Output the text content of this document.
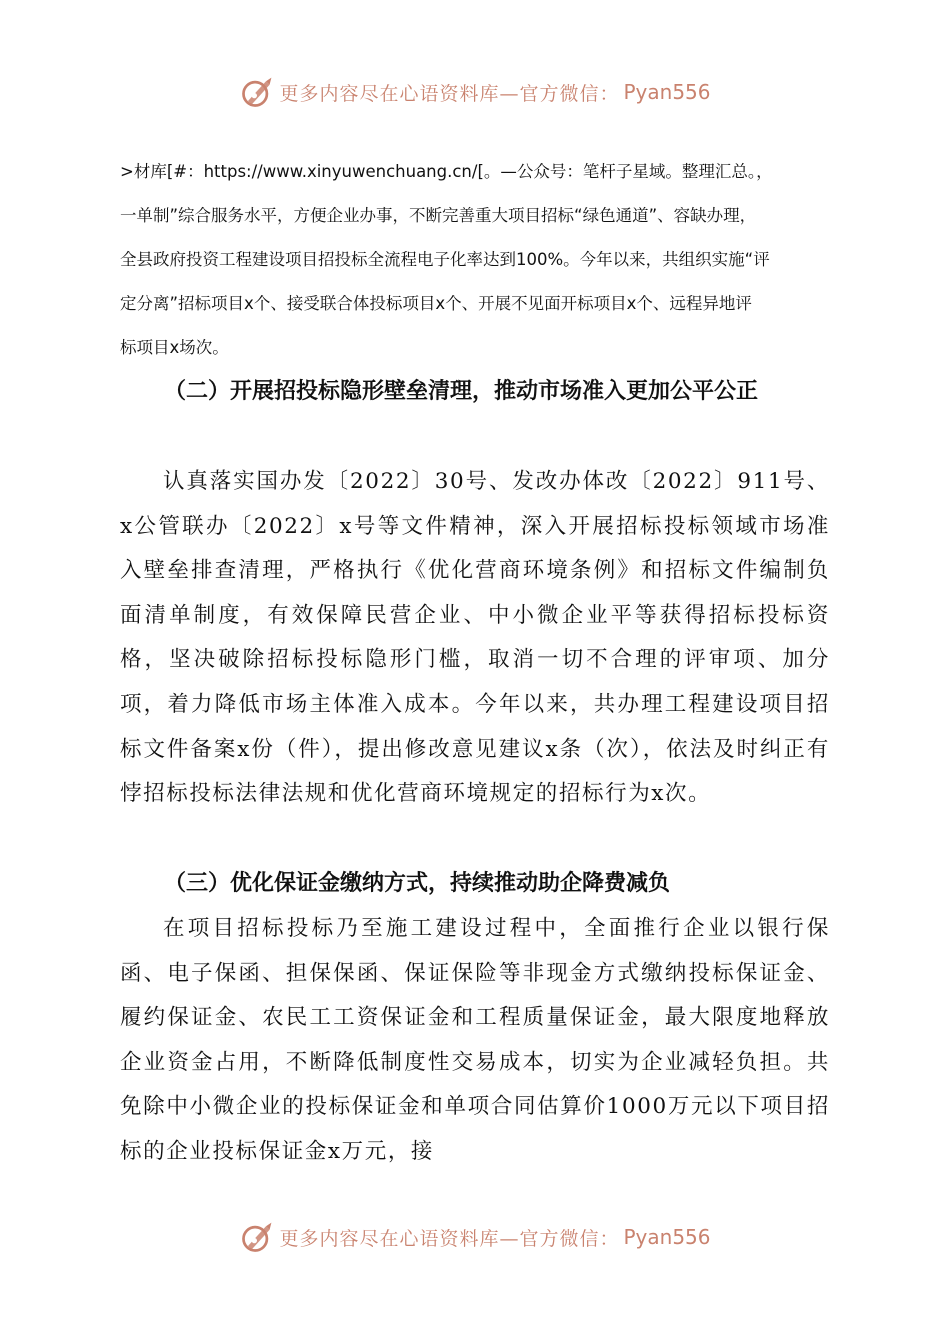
更多内容尽在心语资料库—官方微信： Pyan556
>材库[#：https://www.xinyuwenchuang.cn/[。—公众号：笔杆子星域。整理汇总。，
一单制”综合服务水平，方便企业办事，不断完善重大项目招标“绿色通道”、容缺办理，
全县政府投资工程建设项目招投标全流程电子化率达到100%。今年以来，共组织实施“评
定分离”招标项目x个、接受联合体投标项目x个、开展不见面开标项目x个、远程异地评
标项目x场次。
（二）开展招投标隐形壁垒清理，推动市场准入更加公平公正
认真落实国办发〔2022〕30号、发改办体改〔2022〕911号、x公管联办〔2022〕x号等文件精神，深入开展招标投标领域市场准入壁垒排查清理，严格执行《优化营商环境条例》和招标文件编制负面清单制度，有效保障民营企业、中小微企业平等获得招标投标资格，坚决破除招标投标隐形门槛，取消一切不合理的评审项、加分项，着力降低市场主体准入成本。今年以来，共办理工程建设项目招标文件备案x份（件），提出修改意见建议x条（次），依法及时纠正有悖招标投标法律法规和优化营商环境规定的招标行为x次。
（三）优化保证金缴纳方式，持续推动助企降费减负
在项目招标投标乃至施工建设过程中，全面推行企业以银行保函、电子保函、担保保函、保证保险等非现金方式缴纳投标保证金、履约保证金、农民工工资保证金和工程质量保证金，最大限度地释放企业资金占用，不断降低制度性交易成本，切实为企业减轻负担。共免除中小微企业的投标保证金和单项合同估算价1000万元以下项目招标的企业投标保证金x万元，接
更多内容尽在心语资料库—官方微信： Pyan556
